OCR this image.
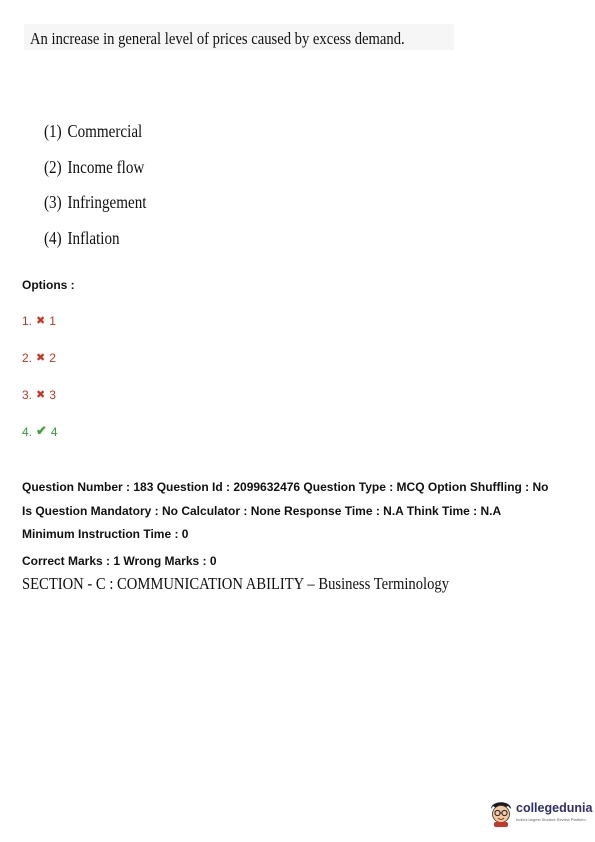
An increase in general level of prices caused by excess demand.
(1) Commercial
(2) Income flow
(3) Infringement
(4) Inflation
Options :
1. ✖ 1
2. ✖ 2
3. ✖ 3
4. ✔ 4
Question Number : 183 Question Id : 2099632476 Question Type : MCQ Option Shuffling : No
Is Question Mandatory : No Calculator : None Response Time : N.A Think Time : N.A
Minimum Instruction Time : 0
Correct Marks : 1 Wrong Marks : 0
SECTION - C : COMMUNICATION ABILITY – Business Terminology
collegedunia
India's largest Student Review Platform
